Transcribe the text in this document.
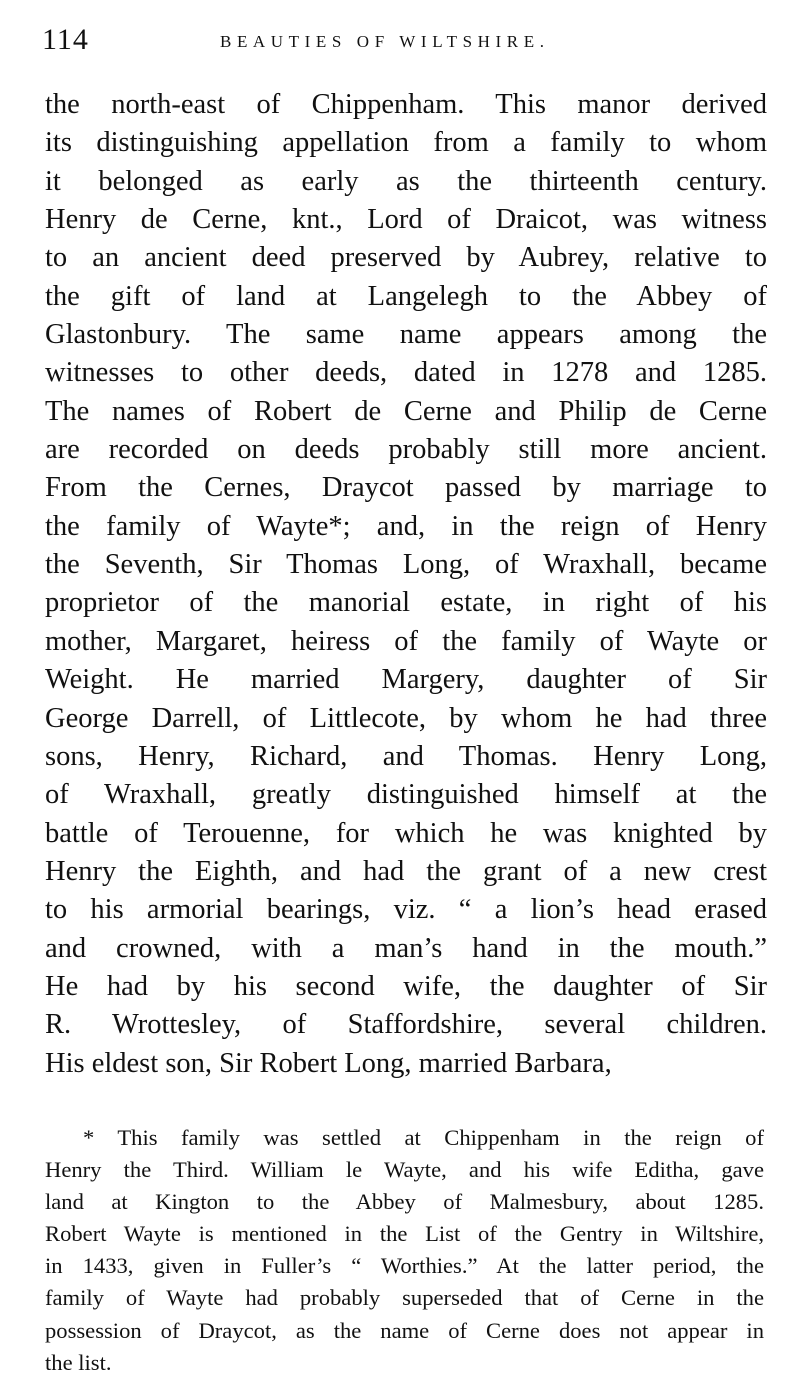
114	BEAUTIES OF WILTSHIRE.
the north-east of Chippenham. This manor derived
its distinguishing appellation from a family to whom
it belonged as early as the thirteenth century.
Henry de Cerne, knt., Lord of Draicot, was witness
to an ancient deed preserved by Aubrey, relative to
the gift of land at Langelegh to the Abbey of
Glastonbury. The same name appears among the
witnesses to other deeds, dated in 1278 and 1285.
The names of Robert de Cerne and Philip de Cerne
are recorded on deeds probably still more ancient.
From the Cernes, Draycot passed by marriage to
the family of Wayte*; and, in the reign of Henry
the Seventh, Sir Thomas Long, of Wraxhall, became
proprietor of the manorial estate, in right of his
mother, Margaret, heiress of the family of Wayte or
Weight. He married Margery, daughter of Sir
George Darrell, of Littlecote, by whom he had three
sons, Henry, Richard, and Thomas. Henry Long,
of Wraxhall, greatly distinguished himself at the
battle of Terouenne, for which he was knighted by
Henry the Eighth, and had the grant of a new crest
to his armorial bearings, viz. “ a lion’s head erased
and crowned, with a man’s hand in the mouth.”
He had by his second wife, the daughter of Sir
R. Wrottesley, of Staffordshire, several children.
His eldest son, Sir Robert Long, married Barbara,
* This family was settled at Chippenham in the reign of
Henry the Third. William le Wayte, and his wife Editha, gave
land at Kington to the Abbey of Malmesbury, about 1285.
Robert Wayte is mentioned in the List of the Gentry in Wiltshire,
in 1433, given in Fuller’s “ Worthies.” At the latter period, the
family of Wayte had probably superseded that of Cerne in the
possession of Draycot, as the name of Cerne does not appear in
the list.
